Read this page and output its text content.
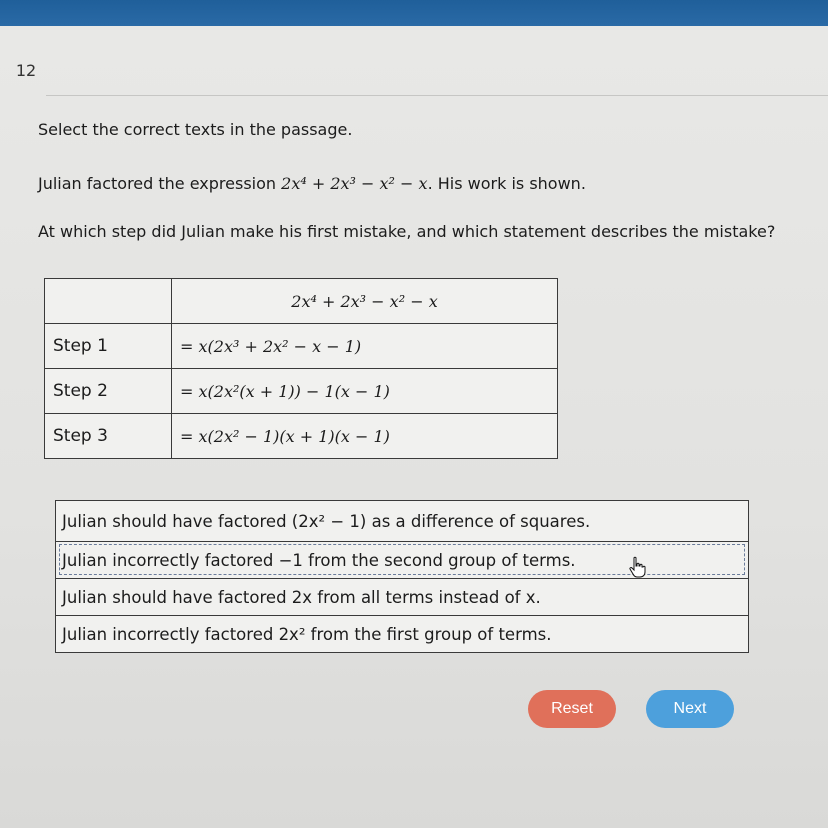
12
Select the correct texts in the passage.
Julian factored the expression 2x⁴ + 2x³ − x² − x. His work is shown.
At which step did Julian make his first mistake, and which statement describes the mistake?
	2x⁴ + 2x³ − x² − x
Step 1	= x(2x³ + 2x² − x − 1)
Step 2	= x(2x²(x + 1)) − 1(x − 1)
Step 3	= x(2x² − 1)(x + 1)(x − 1)
Julian should have factored (2x² − 1) as a difference of squares.
Julian incorrectly factored −1 from the second group of terms.
Julian should have factored 2x from all terms instead of x.
Julian incorrectly factored 2x² from the first group of terms.
Reset	Next
